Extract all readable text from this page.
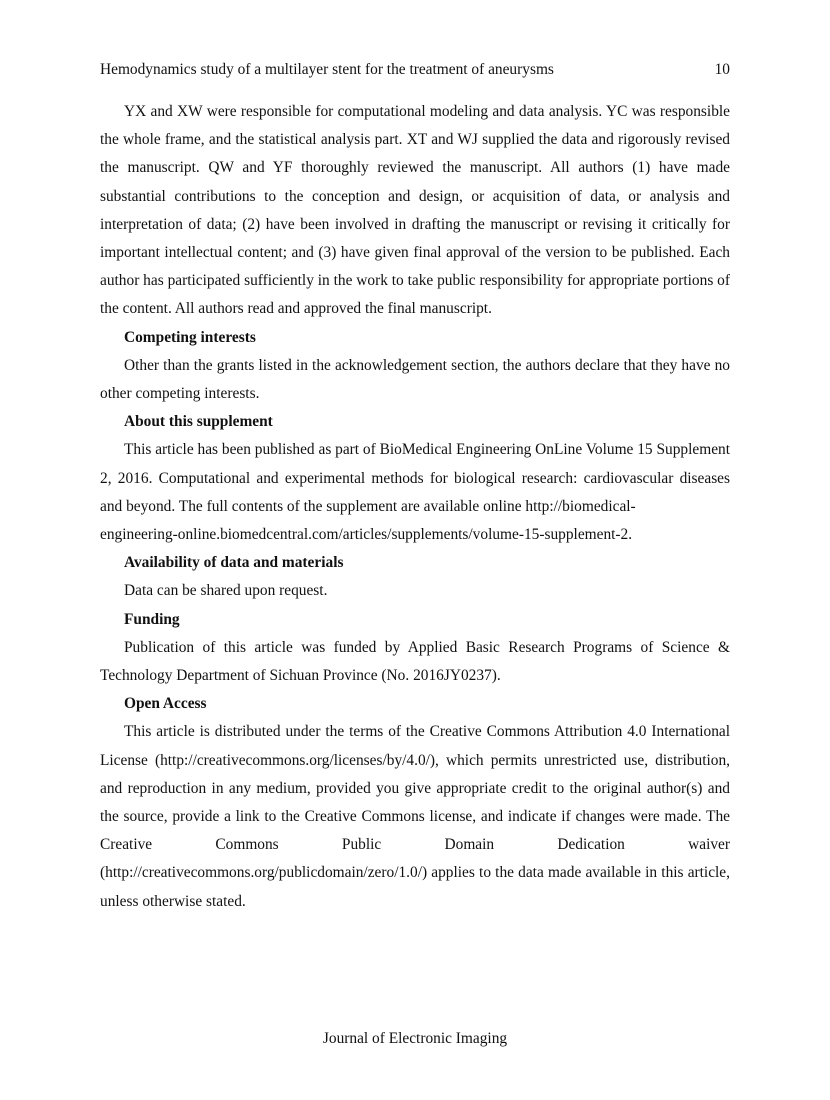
Hemodynamics study of a multilayer stent for the treatment of aneurysms	10

YX and XW were responsible for computational modeling and data analysis. YC was responsible the whole frame, and the statistical analysis part. XT and WJ supplied the data and rigorously revised the manuscript. QW and YF thoroughly reviewed the manuscript. All authors (1) have made substantial contributions to the conception and design, or acquisition of data, or analysis and interpretation of data; (2) have been involved in drafting the manuscript or revising it critically for important intellectual content; and (3) have given final approval of the version to be published. Each author has participated sufficiently in the work to take public responsibility for appropriate portions of the content. All authors read and approved the final manuscript.

Competing interests

Other than the grants listed in the acknowledgement section, the authors declare that they have no other competing interests.

About this supplement

This article has been published as part of BioMedical Engineering OnLine Volume 15 Supplement 2, 2016. Computational and experimental methods for biological research: cardiovascular diseases and beyond. The full contents of the supplement are available online http://biomedical-
engineering-online.biomedcentral.com/articles/supplements/volume-15-supplement-2.

Availability of data and materials

Data can be shared upon request.

Funding

Publication of this article was funded by Applied Basic Research Programs of Science & Technology Department of Sichuan Province (No. 2016JY0237).

Open Access

This article is distributed under the terms of the Creative Commons Attribution 4.0 International License (http://creativecommons.org/licenses/by/4.0/), which permits unrestricted use, distribution, and reproduction in any medium, provided you give appropriate credit to the original author(s) and the source, provide a link to the Creative Commons license, and indicate if changes were made. The Creative Commons Public Domain Dedication waiver (http://creativecommons.org/publicdomain/zero/1.0/) applies to the data made available in this article, unless otherwise stated.

Journal of Electronic Imaging
